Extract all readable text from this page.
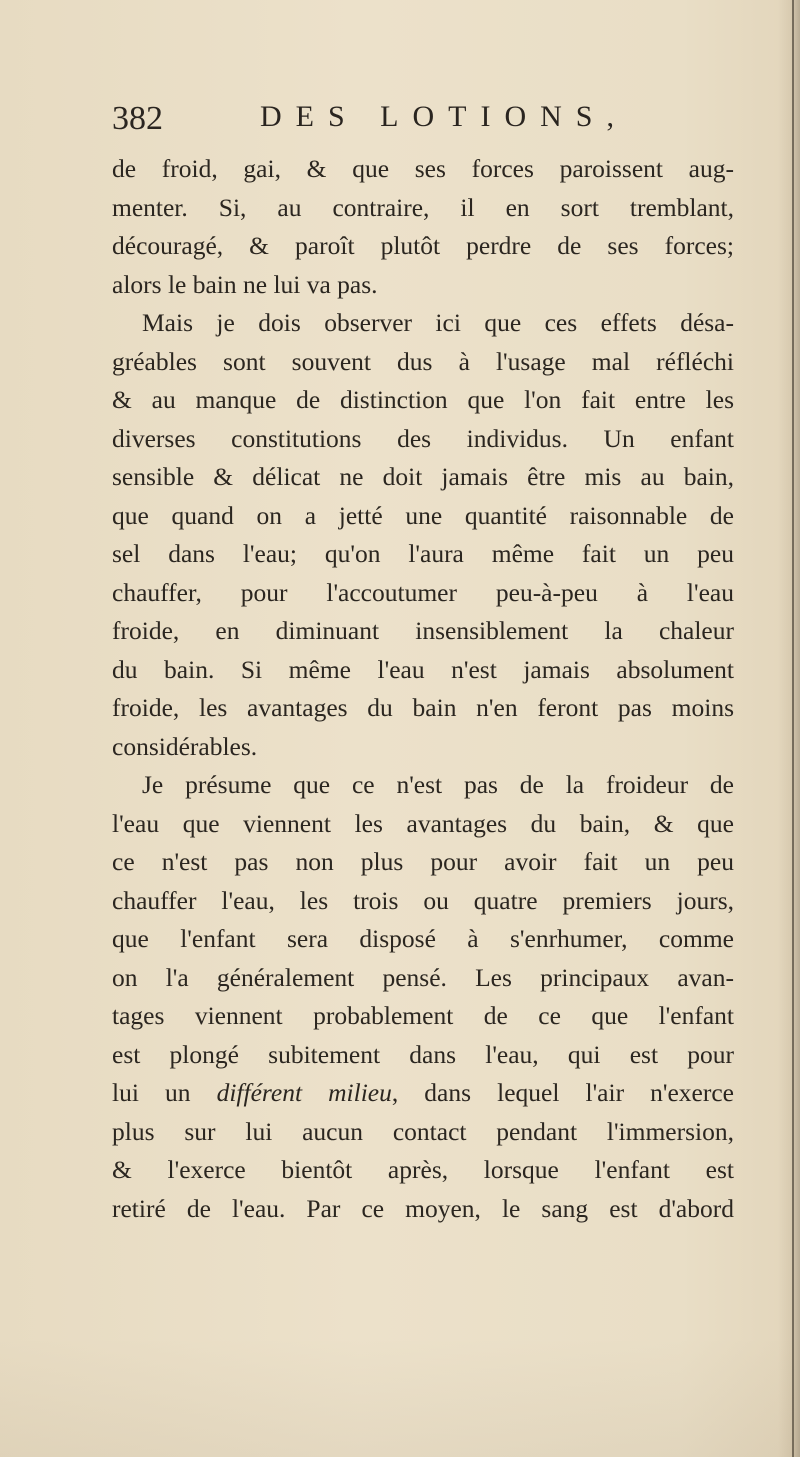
382	DES LOTIONS,
de froid, gai, & que ses forces paroissent aug-
menter. Si, au contraire, il en sort tremblant,
découragé, & paroît plutôt perdre de ses forces;
alors le bain ne lui va pas.
Mais je dois observer ici que ces effets désa-
gréables sont souvent dus à l'usage mal réfléchi
& au manque de distinction que l'on fait entre les
diverses constitutions des individus. Un enfant
sensible & délicat ne doit jamais être mis au bain,
que quand on a jetté une quantité raisonnable de
sel dans l'eau; qu'on l'aura même fait un peu
chauffer, pour l'accoutumer peu-à-peu à l'eau
froide, en diminuant insensiblement la chaleur
du bain. Si même l'eau n'est jamais absolument
froide, les avantages du bain n'en feront pas moins
considérables.
Je présume que ce n'est pas de la froideur de
l'eau que viennent les avantages du bain, & que
ce n'est pas non plus pour avoir fait un peu
chauffer l'eau, les trois ou quatre premiers jours,
que l'enfant sera disposé à s'enrhumer, comme
on l'a généralement pensé. Les principaux avan-
tages viennent probablement de ce que l'enfant
est plongé subitement dans l'eau, qui est pour
lui un différent milieu, dans lequel l'air n'exerce
plus sur lui aucun contact pendant l'immersion,
& l'exerce bientôt après, lorsque l'enfant est
retiré de l'eau. Par ce moyen, le sang est d'abord
